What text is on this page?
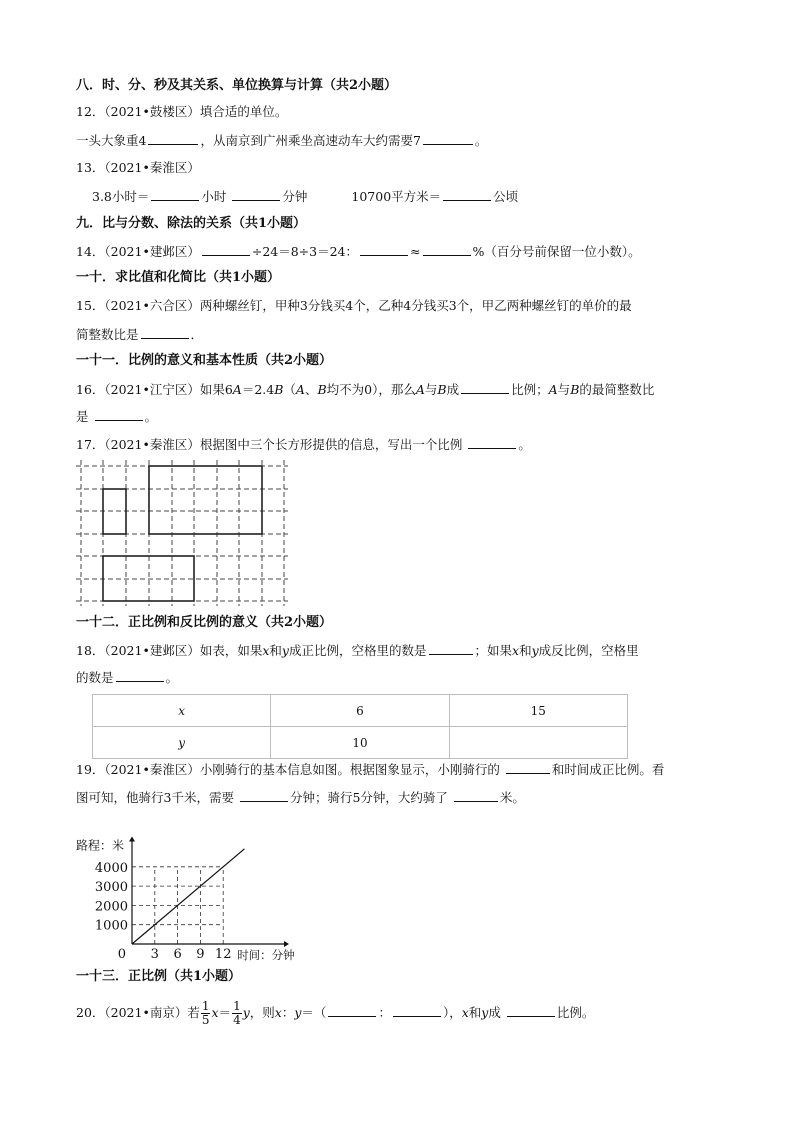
八．时、分、秒及其关系、单位换算与计算（共2小题）
12．（2021•鼓楼区）填合适的单位。
一头大象重4	，从南京到广州乘坐高速动车大约需要7	。
13．（2021•秦淮区）
3.8小时＝	小时	分钟	10700平方米＝	公顷
九．比与分数、除法的关系（共1小题）
14．（2021•建邺区）	÷24＝8÷3＝24：	≈	%（百分号前保留一位小数）。
一十．求比值和化简比（共1小题）
15．（2021•六合区）两种螺丝钉，甲种3分钱买4个，乙种4分钱买3个，甲乙两种螺丝钉的单价的最
简整数比是	．
一十一．比例的意义和基本性质（共2小题）
16．（2021•江宁区）如果6A＝2.4B（A、B均不为0），那么A与B成	比例；A与B的最简整数比
是	。
17．（2021•秦淮区）根据图中三个长方形提供的信息，写出一个比例	。
一十二．正比例和反比例的意义（共2小题）
18．（2021•建邺区）如表，如果x和y成正比例，空格里的数是	；如果x和y成反比例，空格里
的数是	。
x	6	15
y	10	
19．（2021•秦淮区）小刚骑行的基本信息如图。根据图象显示，小刚骑行的	和时间成正比例。看
图可知，他骑行3千米，需要	分钟；骑行5分钟，大约骑了	米。
3 6 9 12
1000
2000
3000
4000
0
路程：米
时间：分钟
一十三．正比例（共1小题）
20．（2021•南京）若 $\frac{1}{5} x= \frac{1}{4}$ y，则x：y＝（	：	），x和y成	比例。
